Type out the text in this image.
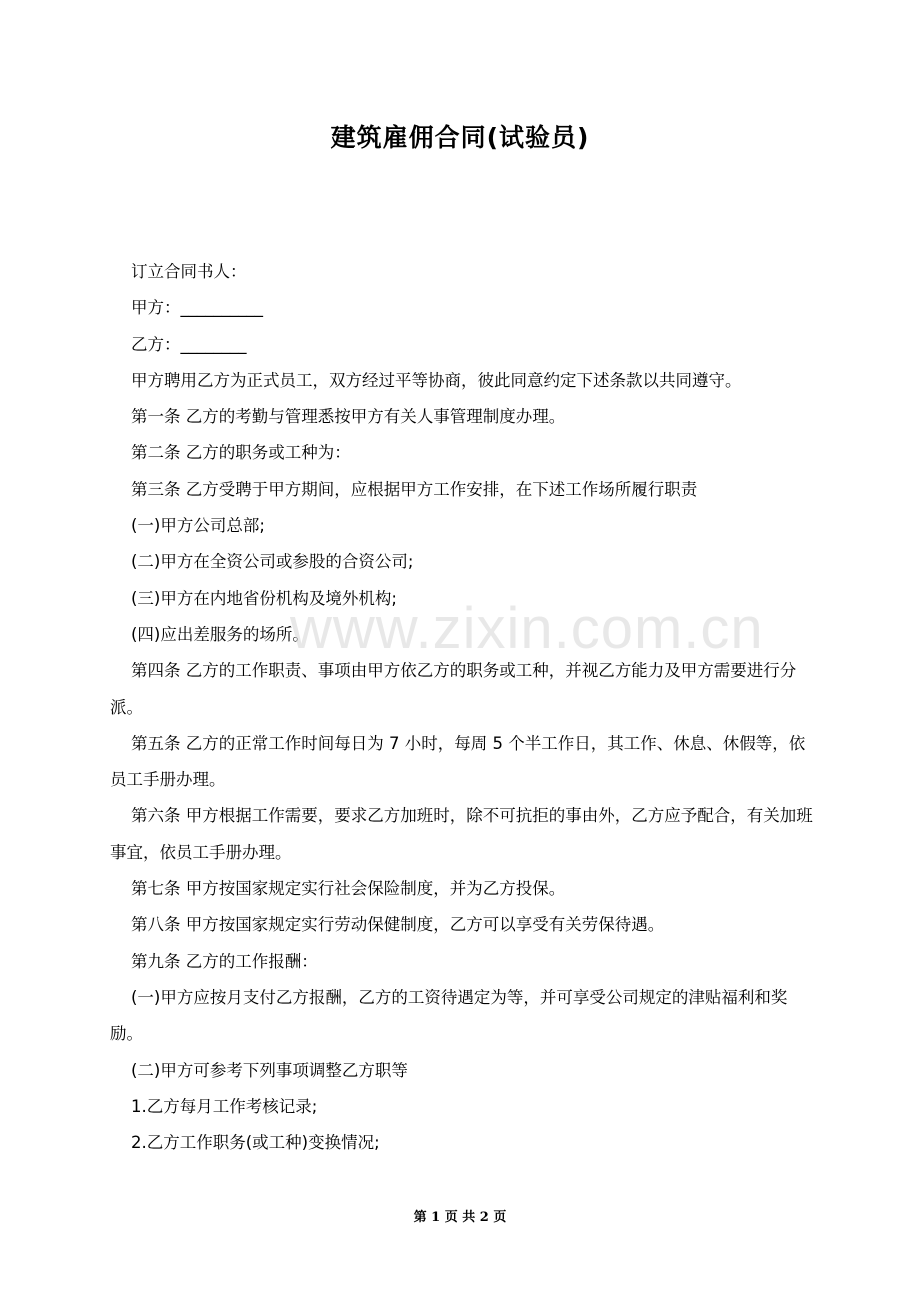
建筑雇佣合同(试验员)

订立合同书人：

甲方：__________

乙方：________

甲方聘用乙方为正式员工，双方经过平等协商，彼此同意约定下述条款以共同遵守。

第一条 乙方的考勤与管理悉按甲方有关人事管理制度办理。

第二条 乙方的职务或工种为：

第三条 乙方受聘于甲方期间，应根据甲方工作安排，在下述工作场所履行职责

(一)甲方公司总部;

(二)甲方在全资公司或参股的合资公司;

(三)甲方在内地省份机构及境外机构;

(四)应出差服务的场所。

第四条 乙方的工作职责、事项由甲方依乙方的职务或工种，并视乙方能力及甲方需要进行分派。

第五条 乙方的正常工作时间每日为 7 小时，每周 5 个半工作日，其工作、休息、休假等，依员工手册办理。

第六条 甲方根据工作需要，要求乙方加班时，除不可抗拒的事由外，乙方应予配合，有关加班事宜，依员工手册办理。

第七条 甲方按国家规定实行社会保险制度，并为乙方投保。

第八条 甲方按国家规定实行劳动保健制度，乙方可以享受有关劳保待遇。

第九条 乙方的工作报酬：

(一)甲方应按月支付乙方报酬，乙方的工资待遇定为等，并可享受公司规定的津贴福利和奖励。

(二)甲方可参考下列事项调整乙方职等

1.乙方每月工作考核记录;

2.乙方工作职务(或工种)变换情况;

www.zixin.com.cn
第 1 页 共 2 页
